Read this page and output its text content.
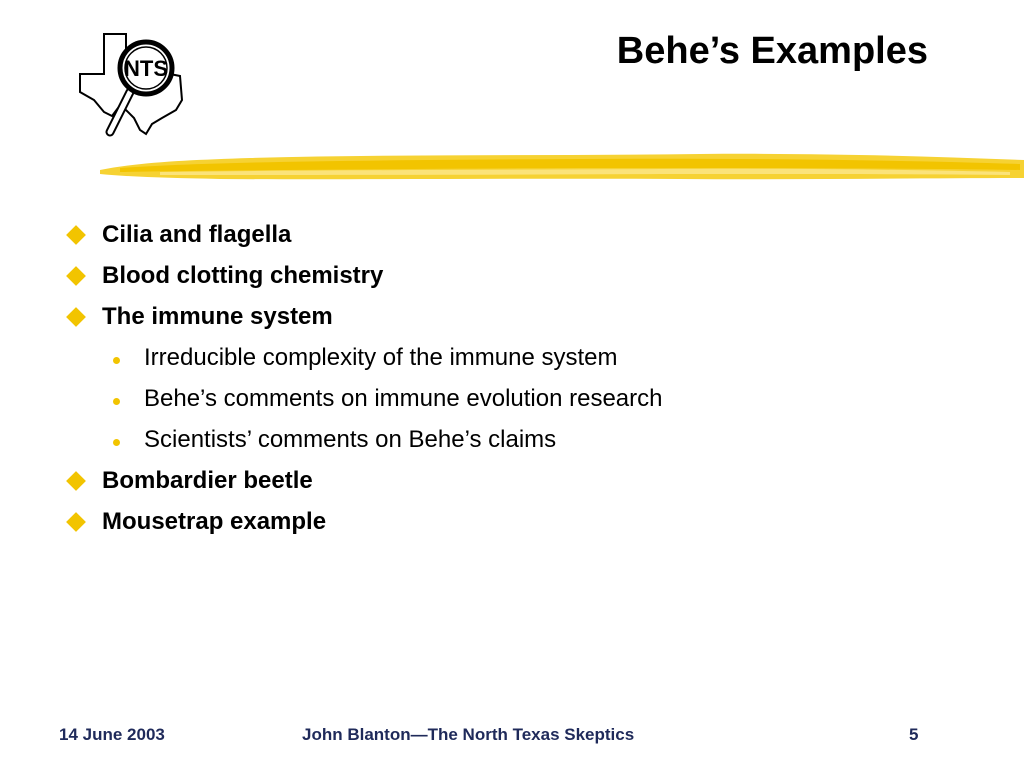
NTS	Behe’s Examples
Cilia and flagella
Blood clotting chemistry
The immune system
Irreducible complexity of the immune system
Behe’s comments on immune evolution research
Scientists’ comments on Behe’s claims
Bombardier beetle
Mousetrap example
14 June 2003	John Blanton—The North Texas Skeptics	5
